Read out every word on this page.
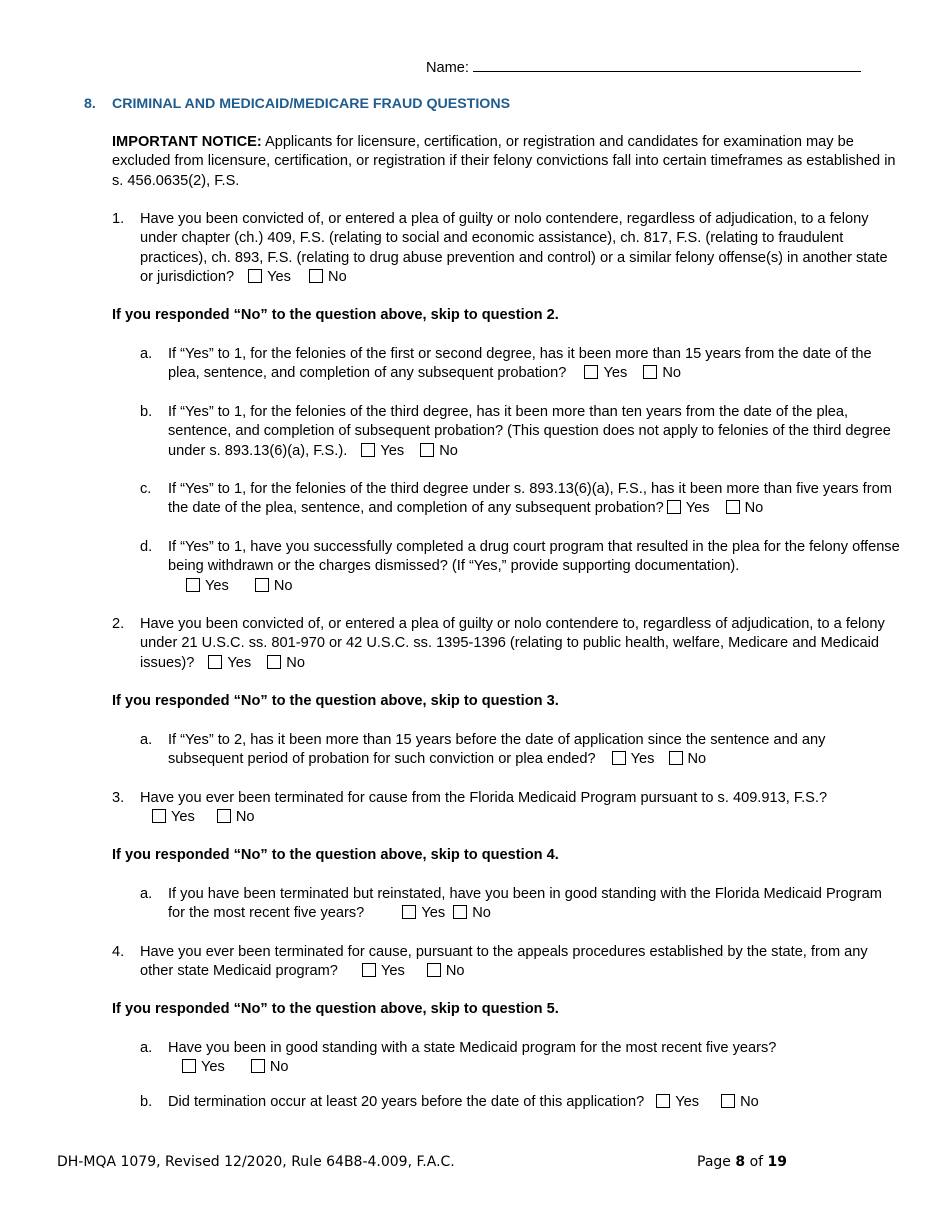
Name:
8. CRIMINAL AND MEDICAID/MEDICARE FRAUD QUESTIONS
IMPORTANT NOTICE: Applicants for licensure, certification, or registration and candidates for examination may be excluded from licensure, certification, or registration if their felony convictions fall into certain timeframes as established in s. 456.0635(2), F.S.
1. Have you been convicted of, or entered a plea of guilty or nolo contendere, regardless of adjudication, to a felony under chapter (ch.) 409, F.S. (relating to social and economic assistance), ch. 817, F.S. (relating to fraudulent practices), ch. 893, F.S. (relating to drug abuse prevention and control) or a similar felony offense(s) in another state or jurisdiction? Yes	No
If you responded “No” to the question above, skip to question 2.
a. If “Yes” to 1, for the felonies of the first or second degree, has it been more than 15 years from the date of the plea, sentence, and completion of any subsequent probation?	Yes No
b. If “Yes” to 1, for the felonies of the third degree, has it been more than ten years from the date of the plea, sentence, and completion of subsequent probation? (This question does not apply to felonies of the third degree under s. 893.13(6)(a), F.S.). Yes No
c. If “Yes” to 1, for the felonies of the third degree under s. 893.13(6)(a), F.S., has it been more than five years from the date of the plea, sentence, and completion of any subsequent probation? Yes No
d. If “Yes” to 1, have you successfully completed a drug court program that resulted in the plea for the felony offense being withdrawn or the charges dismissed? (If “Yes,” provide supporting documentation).
Yes	No
2. Have you been convicted of, or entered a plea of guilty or nolo contendere to, regardless of adjudication, to a felony under 21 U.S.C. ss. 801-970 or 42 U.S.C. ss. 1395-1396 (relating to public health, welfare, Medicare and Medicaid issues)? Yes No
If you responded “No” to the question above, skip to question 3.
a. If “Yes” to 2, has it been more than 15 years before the date of application since the sentence and any subsequent period of probation for such conviction or plea ended? Yes No
3. Have you ever been terminated for cause from the Florida Medicaid Program pursuant to s. 409.913, F.S.?
Yes	No
If you responded “No” to the question above, skip to question 4.
a. If you have been terminated but reinstated, have you been in good standing with the Florida Medicaid Program for the most recent five years?	Yes No
4. Have you ever been terminated for cause, pursuant to the appeals procedures established by the state, from any other state Medicaid program?	Yes	No
If you responded “No” to the question above, skip to question 5.
a. Have you been in good standing with a state Medicaid program for the most recent five years?
Yes	No
b. Did termination occur at least 20 years before the date of this application? Yes	No
DH-MQA 1079, Revised 12/2020, Rule 64B8-4.009, F.A.C.	Page 8 of 19
